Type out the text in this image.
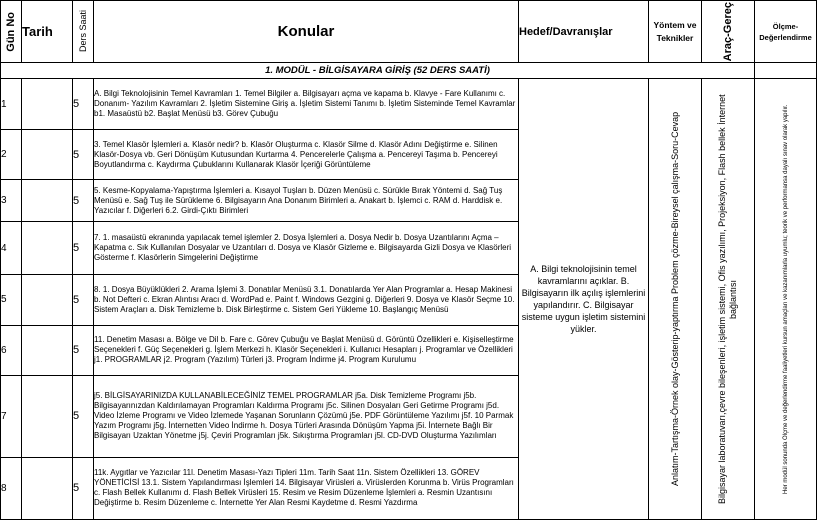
Gün No	Tarih	Ders Saati	Konular	Hedef/Davranışlar	Yöntem ve Teknikler	Araç-Gereç	Ölçme-Değerlendirme
1. MODÜL - BİLGİSAYARA GİRİŞ (52 DERS SAATİ)							
1		5	A. Bilgi Teknolojisinin Temel Kavramları 1. Temel Bilgiler a. Bilgisayarı açma ve kapama b. Klavye - Fare Kullanımı c. Donanım- Yazılım Kavramları 2. İşletim Sistemine Giriş a. İşletim Sistemi Tanımı b. İşletim Sisteminde Temel Kavramlar b1. Masaüstü b2. Başlat Menüsü b3. Görev Çubuğu	A. Bilgi teknolojisinin temel kavramlarını açıklar. B. Bilgisayarın ilk açılış işlemlerini yapılandırır. C. Bilgisayar sisteme uygun işletim sistemini yükler.	Anlatım-Tartışma-Örnek olay-Gösterip-yaptırma Problem çözme-Bireysel çalışma-Soru-Cevap	Bilgisayar laboratuvarı,çevre bileşenleri, işletim sistemi, Ofis yazılımı, Projeksiyon, Flash bellek İnternet bağlantısı	Her modül sonunda Ölçme ve değerlendirme faaliyetleri kursun amaçları ve kazanımlarla uyumlu; teorik ve performansa dayalı sınav olarak yapılır.

2		5	3. Temel Klasör İşlemleri a. Klasör nedir? b. Klasör Oluşturma c. Klasör Silme d. Klasör Adını Değiştirme e. Silinen Klasör-Dosya vb. Geri Dönüşüm Kutusundan Kurtarma 4. Pencerelerle Çalışma a. Pencereyi Taşıma b. Pencereyi Boyutlandırma c. Kaydırma Çubuklarını Kullanarak Klasör İçeriği Görüntüleme				
3		5	5. Kesme-Kopyalama-Yapıştırma İşlemleri a. Kısayol Tuşları b. Düzen Menüsü c. Sürükle Bırak Yöntemi d. Sağ Tuş Menüsü e. Sağ Tuş ile Sürükleme 6. Bilgisayarın Ana Donanım Birimleri a. Anakart b. İşlemci c. RAM d. Harddisk e. Yazıcılar f. Diğerleri 6.2. Girdi-Çıktı Birimleri				
4		5	7. 1. masaüstü ekranında yapılacak temel işlemler 2. Dosya İşlemleri a. Dosya Nedir b. Dosya Uzantılarını Açma – Kapatma c. Sık Kullanılan Dosyalar ve Uzantıları d. Dosya ve Klasör Gizleme e. Bilgisayarda Gizli Dosya ve Klasörleri Gösterme f. Klasörlerin Simgelerini Değiştirme				
5		5	8. 1. Dosya Büyüklükleri 2. Arama İşlemi 3. Donatılar Menüsü 3.1. Donatılarda Yer Alan Programlar a. Hesap Makinesi b. Not Defteri c. Ekran Alıntısı Aracı d. WordPad e. Paint f. Windows Gezgini g. Diğerleri 9. Dosya ve Klasör Seçme 10. Sistem Araçları a. Disk Temizleme b. Disk Birleştirme c. Sistem Geri Yükleme 10. Başlangıç Menüsü				
6		5	11. Denetim Masası a. Bölge ve Dil b. Fare c. Görev Çubuğu ve Başlat Menüsü d. Görüntü Özellikleri e. Kişiselleştirme Seçenekleri f. Güç Seçenekleri g. İşlem Merkezi h. Klasör Seçenekleri i. Kullanıcı Hesapları j. Programlar ve Özellikleri j1. PROGRAMLAR j2. Program (Yazılım) Türleri j3. Program İndirme j4. Program Kurulumu				
7		5	j5. BİLGİSAYARINIZDA KULLANABİLECEĞİNİZ TEMEL PROGRAMLAR j5a. Disk Temizleme Programı j5b. Bilgisayarınızdan Kaldırılamayan Programları Kaldırma Programı j5c. Silinen Dosyaları Geri Getirme Programı j5d. Video İzleme Programı ve Video İzlemede Yaşanan Sorunların Çözümü j5e. PDF Görüntüleme Yazılımı j5f. 10 Parmak Yazım Programı j5g. İnternetten Video İndirme h. Dosya Türleri Arasında Dönüşüm Yapma j5i. İnternete Bağlı Bir Bilgisayarı Uzaktan Yönetme j5j. Çeviri Programları j5k. Sıkıştırma Programları j5l. CD-DVD Oluşturma Yazılımları				
8		5	11k. Aygıtlar ve Yazıcılar 11l. Denetim Masası-Yazı Tipleri 11m. Tarih Saat 11n. Sistem Özellikleri 13. GÖREV YÖNETİCİSİ 13.1. Sistem Yapılandırması İşlemleri 14. Bilgisayar Virüsleri a. Virüslerden Korunma b. Virüs Programları c. Flash Bellek Kullanımı d. Flash Bellek Virüsleri 15. Resim ve Resim Düzenleme İşlemleri a. Resmin Uzantısını Değiştirme b. Resim Düzenleme c. İnternette Yer Alan Resmi Kaydetme d. Resmi Yazdırma				
